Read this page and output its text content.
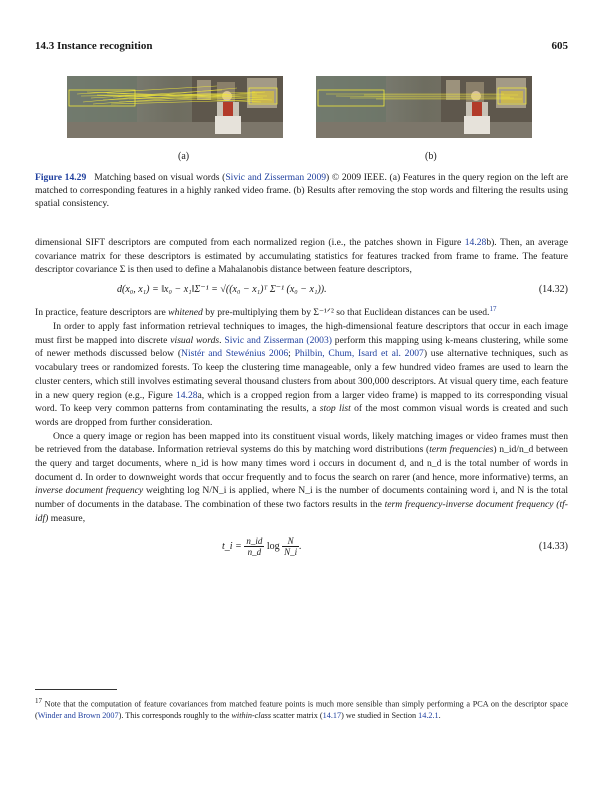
14.3 Instance recognition	605
(a)	(b)
Figure 14.29 Matching based on visual words (Sivic and Zisserman 2009) © 2009 IEEE. (a) Features in the query region on the left are matched to corresponding features in a highly ranked video frame. (b) Results after removing the stop words and filtering the results using spatial consistency.

dimensional SIFT descriptors are computed from each normalized region (i.e., the patches shown in Figure 14.28b). Then, an average covariance matrix for these descriptors is estimated by accumulating statistics for features tracked from frame to frame. The feature descriptor covariance Σ is then used to define a Mahalanobis distance between feature descriptors,

d(x₀, x₁) = ‖x₀ − x₁‖Σ⁻¹ = √((x₀ − x₁)ᵀ Σ⁻¹ (x₀ − x₁)).	(14.32)

In practice, feature descriptors are whitened by pre-multiplying them by Σ⁻¹ᐟ² so that Euclidean distances can be used.$^{17}$

In order to apply fast information retrieval techniques to images, the high-dimensional feature descriptors that occur in each image must first be mapped into discrete visual words. Sivic and Zisserman (2003) perform this mapping using k-means clustering, while some of newer methods discussed below (Nistér and Stewénius 2006; Philbin, Chum, Isard et al. 2007) use alternative techniques, such as vocabulary trees or randomized forests. To keep the clustering time manageable, only a few hundred video frames are used to learn the cluster centers, which still involves estimating several thousand clusters from about 300,000 descriptors. At visual query time, each feature in a new query region (e.g., Figure 14.28a, which is a cropped region from a larger video frame) is mapped to its corresponding visual word. To keep very common patterns from contaminating the results, a stop list of the most common visual words is created and such words are dropped from further consideration.

Once a query image or region has been mapped into its constituent visual words, likely matching images or video frames must then be retrieved from the database. Information retrieval systems do this by matching word distributions (term frequencies) n_id/n_d between the query and target documents, where n_id is how many times word i occurs in document d, and n_d is the total number of words in document d. In order to downweight words that occur frequently and to focus the search on rarer (and hence, more informative) terms, an inverse document frequency weighting log N/N_i is applied, where N_i is the number of documents containing word i, and N is the total number of documents in the database. The combination of these two factors results in the term frequency-inverse document frequency (tf-idf) measure,

t_i = $\frac{n\_id}{n\_d}$ $\log \frac{N}{N\_i}$ .	(14.33)
$^{17}$ Note that the computation of feature covariances from matched feature points is much more sensible than simply performing a PCA on the descriptor space (Winder and Brown 2007). This corresponds roughly to the within-class scatter matrix (14.17) we studied in Section 14.2.1.
